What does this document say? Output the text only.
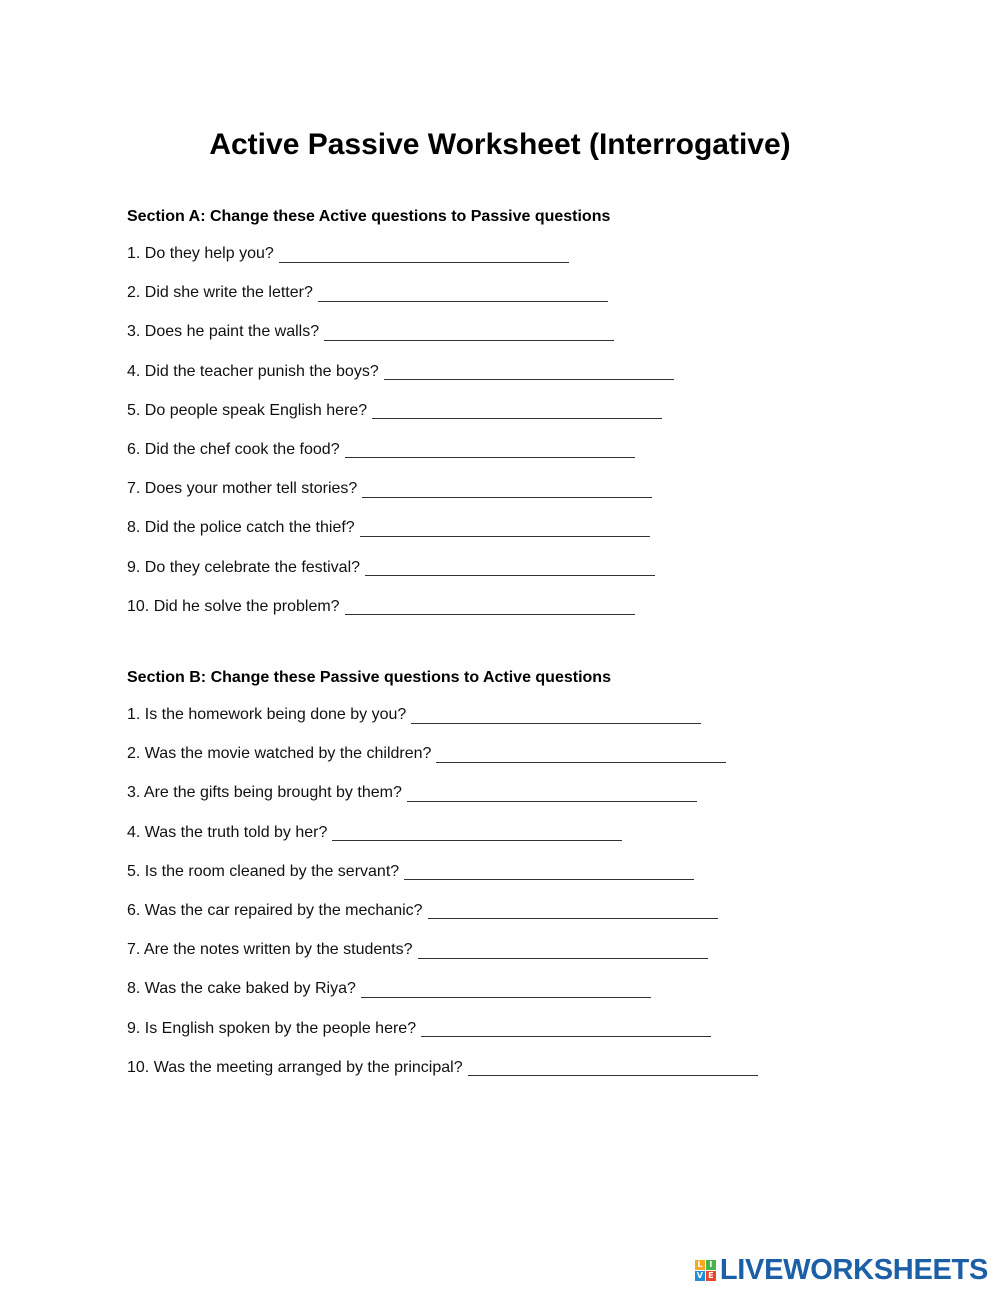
Active Passive Worksheet (Interrogative)
Section A: Change these Active questions to Passive questions
1. Do they help you?
2. Did she write the letter?
3. Does he paint the walls?
4. Did the teacher punish the boys?
5. Do people speak English here?
6. Did the chef cook the food?
7. Does your mother tell stories?
8. Did the police catch the thief?
9. Do they celebrate the festival?
10. Did he solve the problem?
Section B: Change these Passive questions to Active questions
1. Is the homework being done by you?
2. Was the movie watched by the children?
3. Are the gifts being brought by them?
4. Was the truth told by her?
5. Is the room cleaned by the servant?
6. Was the car repaired by the mechanic?
7. Are the notes written by the students?
8. Was the cake baked by Riya?
9. Is English spoken by the people here?
10. Was the meeting arranged by the principal?
L I
V E LIVEWORKSHEETS
